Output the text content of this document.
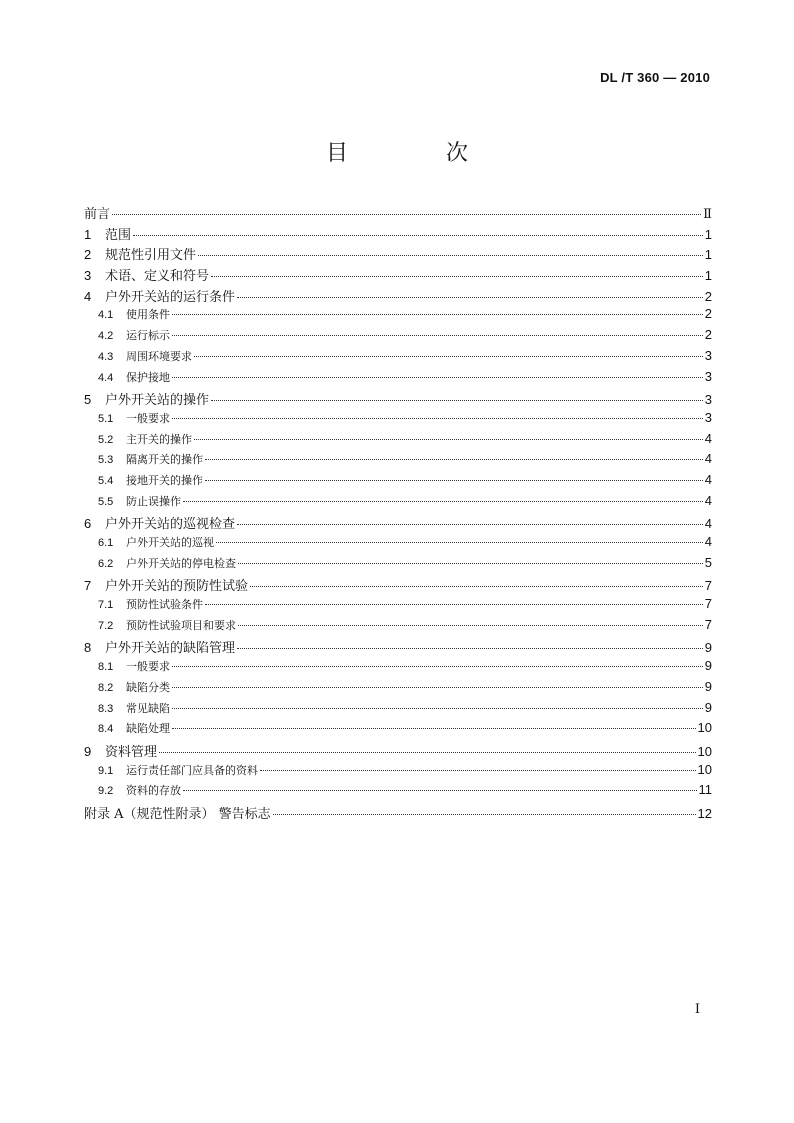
DL /T 360 — 2010
目　次
前言	Ⅱ
1	范围	1
2	规范性引用文件	1
3	术语、定义和符号	1
4	户外开关站的运行条件	2
4.1	使用条件	2
4.2	运行标示	2
4.3	周围环境要求	3
4.4	保护接地	3
5	户外开关站的操作	3
5.1	一般要求	3
5.2	主开关的操作	4
5.3	隔离开关的操作	4
5.4	接地开关的操作	4
5.5	防止误操作	4
6	户外开关站的巡视检查	4
6.1	户外开关站的巡视	4
6.2	户外开关站的停电检查	5
7	户外开关站的预防性试验	7
7.1	预防性试验条件	7
7.2	预防性试验项目和要求	7
8	户外开关站的缺陷管理	9
8.1	一般要求	9
8.2	缺陷分类	9
8.3	常见缺陷	9
8.4	缺陷处理	10
9	资料管理	10
9.1	运行责任部门应具备的资料	10
9.2	资料的存放	11
附录 A（规范性附录） 警告标志	12
I
